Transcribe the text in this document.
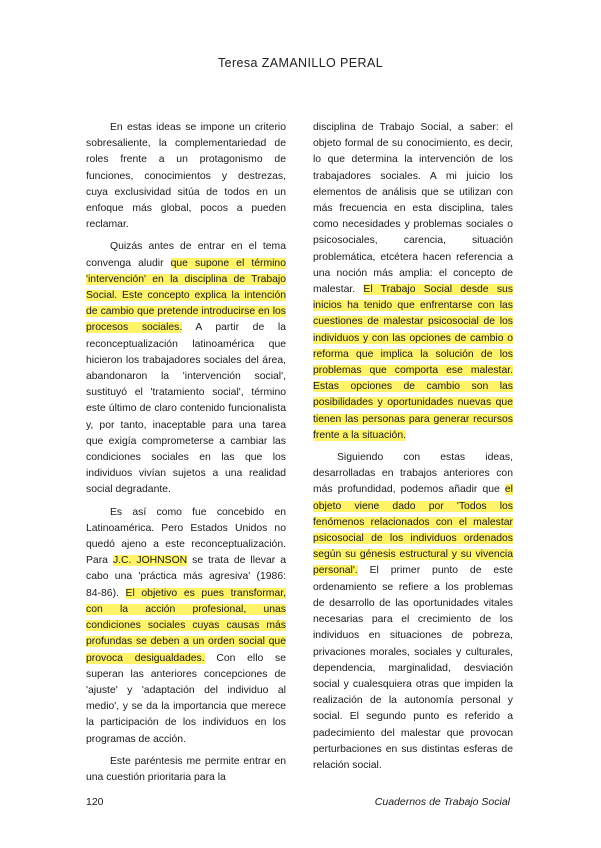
Teresa ZAMANILLO PERAL

En estas ideas se impone un criterio sobresaliente, la complementariedad de roles frente a un protagonismo de funciones, conocimientos y destrezas, cuya exclusividad sitúa de todos en un enfoque más global, pocos a pueden reclamar.

Quizás antes de entrar en el tema convenga aludir que supone el término 'intervención' en la disciplina de Trabajo Social. Este concepto explica la intención de cambio que pretende introducirse en los procesos sociales. A partir de la reconceptualización latinoamérica que hicieron los trabajadores sociales del área, abandonaron la 'intervención social', sustituyó el 'tratamiento social', término este último de claro contenido funcionalista y, por tanto, inaceptable para una tarea que exigía comprometerse a cambiar las condiciones sociales en las que los individuos vivían sujetos a una realidad social degradante.

Es así como fue concebido en Latinoamérica. Pero Estados Unidos no quedó ajeno a este reconceptualización. Para J.C. JOHNSON se trata de llevar a cabo una 'práctica más agresiva' (1986: 84-86). El objetivo es pues transformar, con la acción profesional, unas condiciones sociales cuyas causas más profundas se deben a un orden social que provoca desigualdades. Con ello se superan las anteriores concepciones de 'ajuste' y 'adaptación del individuo al medio', y se da la importancia que merece la participación de los individuos en los programas de acción.

Este paréntesis me permite entrar en una cuestión prioritaria para la

disciplina de Trabajo Social, a saber: el objeto formal de su conocimiento, es decir, lo que determina la intervención de los trabajadores sociales. A mi juicio los elementos de análisis que se utilizan con más frecuencia en esta disciplina, tales como necesidades y problemas sociales o psicosociales, carencia, situación problemática, etcétera hacen referencia a una noción más amplia: el concepto de malestar. El Trabajo Social desde sus inicios ha tenido que enfrentarse con las cuestiones de malestar psicosocial de los individuos y con las opciones de cambio o reforma que implica la solución de los problemas que comporta ese malestar. Estas opciones de cambio son las posibilidades y oportunidades nuevas que tienen las personas para generar recursos frente a la situación.

Siguiendo con estas ideas, desarrolladas en trabajos anteriores con más profundidad, podemos añadir que el objeto viene dado por 'Todos los fenómenos relacionados con el malestar psicosocial de los individuos ordenados según su génesis estructural y su vivencia personal'. El primer punto de este ordenamiento se refiere a los problemas de desarrollo de las oportunidades vitales necesarias para el crecimiento de los individuos en situaciones de pobreza, privaciones morales, sociales y culturales, dependencia, marginalidad, desviación social y cualesquiera otras que impiden la realización de la autonomía personal y social. El segundo punto es referido a padecimiento del malestar que provocan perturbaciones en sus distintas esferas de relación social.

120	Cuadernos de Trabajo Social
